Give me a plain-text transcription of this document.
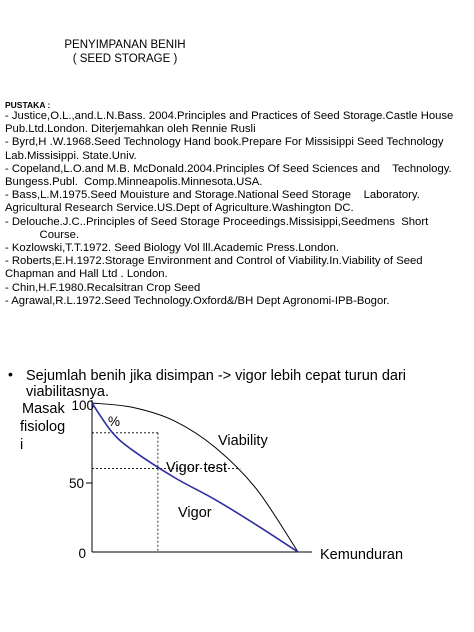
PENYIMPANAN BENIH
( SEED STORAGE )
PUSTAKA :

- Justice,O.L.,and.L.N.Bass. 2004.Principles and Practices of Seed Storage.Castle House Pub.Ltd.London. Diterjemahkan oleh Rennie Rusli

- Byrd,H .W.1968.Seed Technology Hand book.Prepare For Missisippi Seed Technology Lab.Missisippi. State.Univ.

- Copeland,L.O.and M.B. McDonald.2004.Principles Of Seed Sciences and    Technology. Bungess.Publ.  Comp.Minneapolis.Minnesota.USA.

- Bass,L.M.1975.Seed Mouisture and Storage.National Seed Storage    Laboratory. Agricultural Research Service.US.Dept of Agriculture.Washington DC.

- Delouche.J.C..Principles of Seed Storage Proceedings.Missisippi,Seedmens  Short
Course.

- Kozlowski,T.T.1972. Seed Biology Vol lll.Academic Press.London.

- Roberts,E.H.1972.Storage Environment and Control of Viability.In.Viability of Seed Chapman and Hall Ltd . London.

- Chin,H.F.1980.Recalsitran Crop Seed

- Agrawal,R.L.1972.Seed Technology.Oxford&/BH Dept Agronomi-IPB-Bogor.

• Sejumlah benih jika disimpan -> vigor lebih cepat turun dari
viabilitasnya.
100
%
50
0
Masak
fisiolog
i
Kemunduran
Viability
Vigor test
Vigor
